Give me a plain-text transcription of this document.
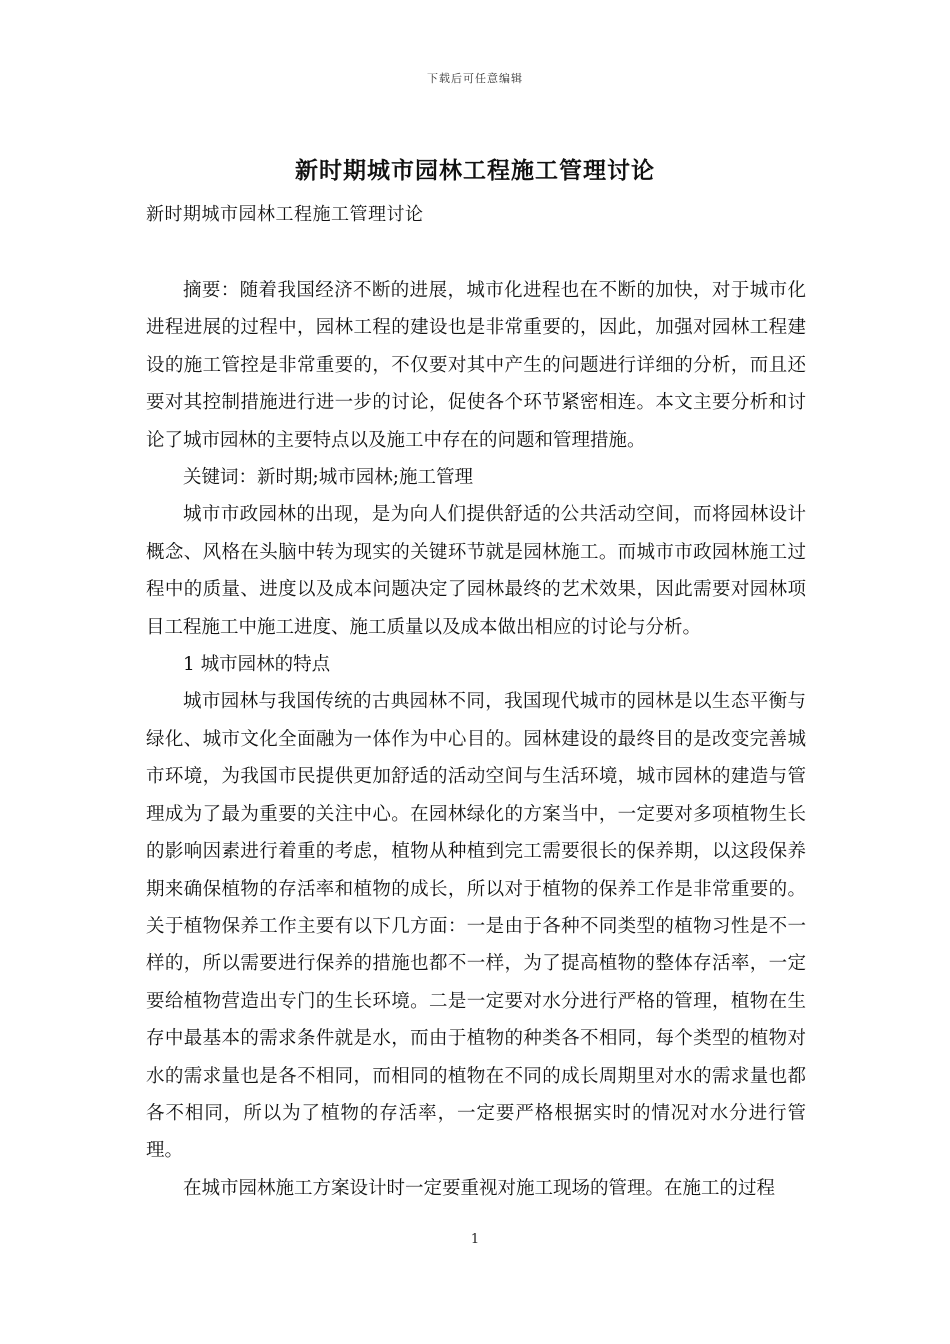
下载后可任意编辑
新时期城市园林工程施工管理讨论
新时期城市园林工程施工管理讨论

摘要：随着我国经济不断的进展，城市化进程也在不断的加快，对于城市化进程进展的过程中，园林工程的建设也是非常重要的，因此，加强对园林工程建设的施工管控是非常重要的，不仅要对其中产生的问题进行详细的分析，而且还要对其控制措施进行进一步的讨论，促使各个环节紧密相连。本文主要分析和讨论了城市园林的主要特点以及施工中存在的问题和管理措施。

关键词：新时期;城市园林;施工管理

城市市政园林的出现，是为向人们提供舒适的公共活动空间，而将园林设计概念、风格在头脑中转为现实的关键环节就是园林施工。而城市市政园林施工过程中的质量、进度以及成本问题决定了园林最终的艺术效果，因此需要对园林项目工程施工中施工进度、施工质量以及成本做出相应的讨论与分析。

1 城市园林的特点

城市园林与我国传统的古典园林不同，我国现代城市的园林是以生态平衡与绿化、城市文化全面融为一体作为中心目的。园林建设的最终目的是改变完善城市环境，为我国市民提供更加舒适的活动空间与生活环境，城市园林的建造与管理成为了最为重要的关注中心。在园林绿化的方案当中，一定要对多项植物生长的影响因素进行着重的考虑，植物从种植到完工需要很长的保养期，以这段保养期来确保植物的存活率和植物的成长，所以对于植物的保养工作是非常重要的。关于植物保养工作主要有以下几方面：一是由于各种不同类型的植物习性是不一样的，所以需要进行保养的措施也都不一样，为了提高植物的整体存活率，一定要给植物营造出专门的生长环境。二是一定要对水分进行严格的管理，植物在生存中最基本的需求条件就是水，而由于植物的种类各不相同，每个类型的植物对水的需求量也是各不相同，而相同的植物在不同的成长周期里对水的需求量也都各不相同，所以为了植物的存活率，一定要严格根据实时的情况对水分进行管理。

在城市园林施工方案设计时一定要重视对施工现场的管理。在施工的过程

1
